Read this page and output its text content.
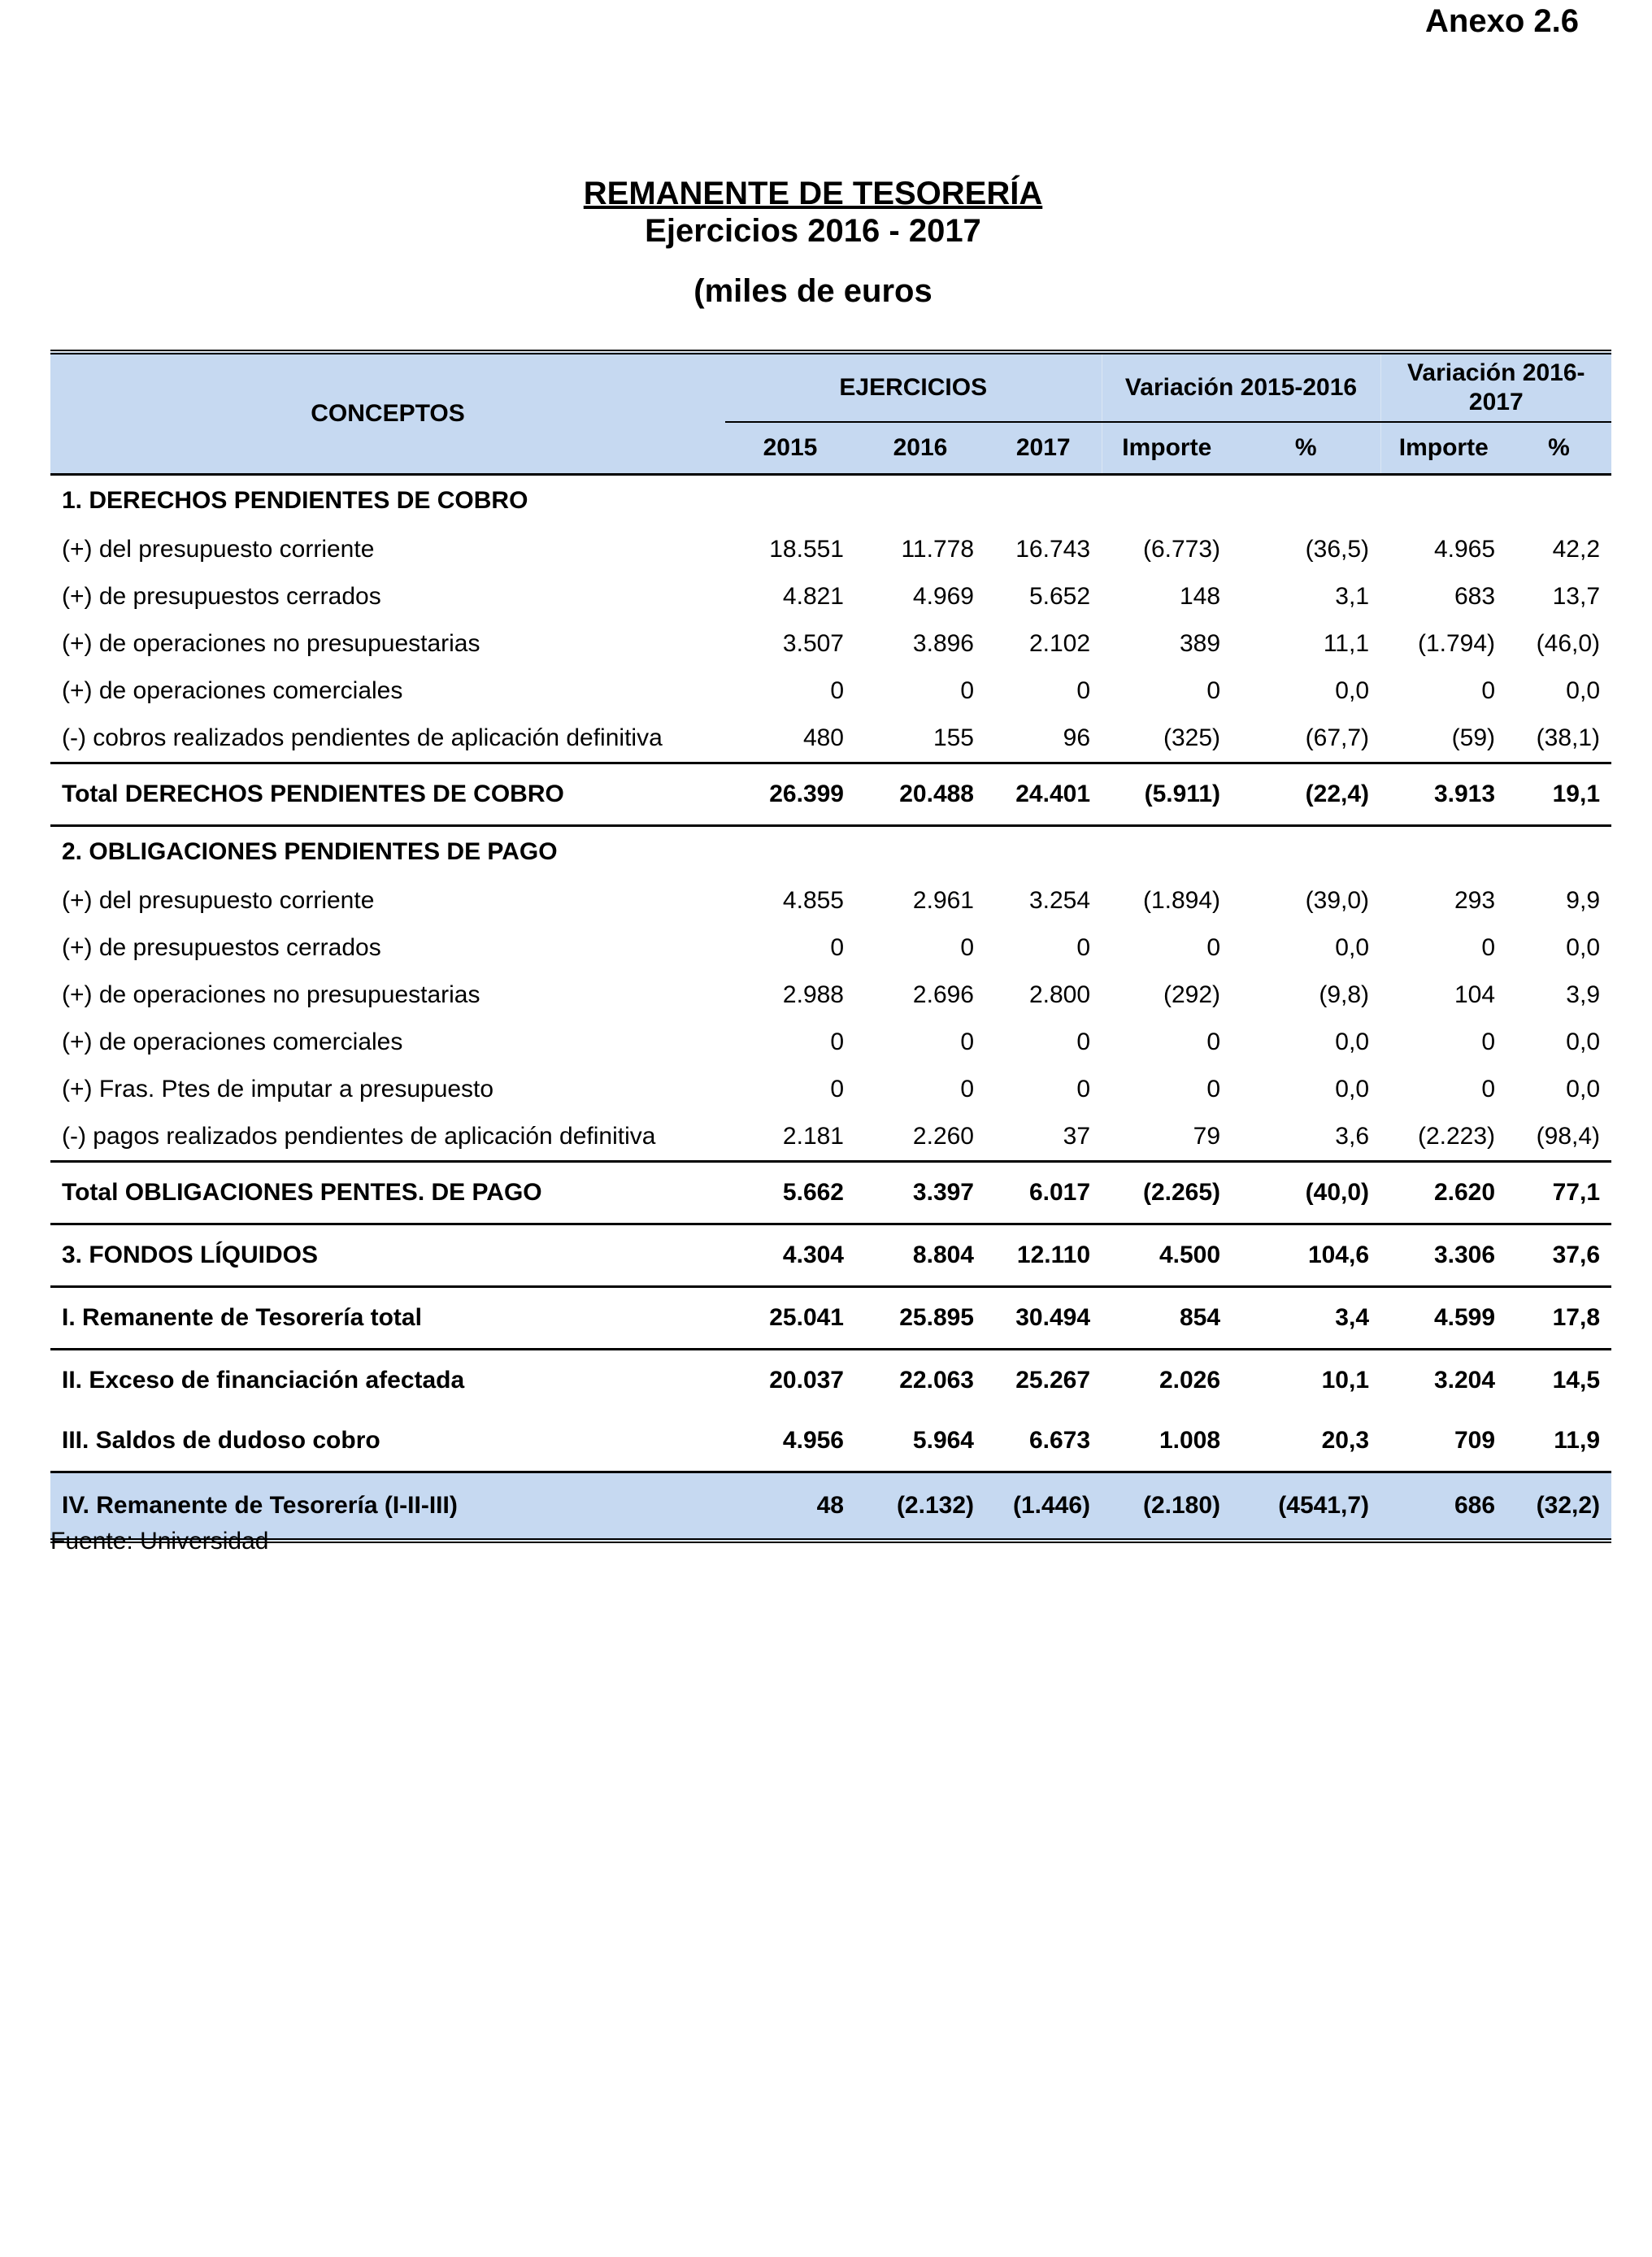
Anexo 2.6
REMANENTE DE TESORERÍA
Ejercicios 2016 - 2017
(miles de euros
CONCEPTOS	EJERCICIOS			Variación 2015-2016		Variación 2016-2017	
	2015	2016	2017	Importe	%	Importe	%
1. DERECHOS PENDIENTES DE COBRO							
(+) del presupuesto corriente	18.551	11.778	16.743	(6.773)	(36,5)	4.965	42,2
(+) de presupuestos cerrados	4.821	4.969	5.652	148	3,1	683	13,7
(+) de operaciones no presupuestarias	3.507	3.896	2.102	389	11,1	(1.794)	(46,0)
(+) de operaciones comerciales	0	0	0	0	0,0	0	0,0
(-) cobros realizados pendientes de aplicación definitiva	480	155	96	(325)	(67,7)	(59)	(38,1)
Total DERECHOS PENDIENTES DE COBRO	26.399	20.488	24.401	(5.911)	(22,4)	3.913	19,1
2. OBLIGACIONES PENDIENTES DE PAGO							
(+) del presupuesto corriente	4.855	2.961	3.254	(1.894)	(39,0)	293	9,9
(+) de presupuestos cerrados	0	0	0	0	0,0	0	0,0
(+) de operaciones no presupuestarias	2.988	2.696	2.800	(292)	(9,8)	104	3,9
(+) de operaciones comerciales	0	0	0	0	0,0	0	0,0
(+) Fras. Ptes de imputar a presupuesto	0	0	0	0	0,0	0	0,0
(-) pagos realizados pendientes de aplicación definitiva	2.181	2.260	37	79	3,6	(2.223)	(98,4)
Total OBLIGACIONES PENTES. DE PAGO	5.662	3.397	6.017	(2.265)	(40,0)	2.620	77,1
3. FONDOS LÍQUIDOS	4.304	8.804	12.110	4.500	104,6	3.306	37,6
I. Remanente de Tesorería total	25.041	25.895	30.494	854	3,4	4.599	17,8
II. Exceso de financiación afectada	20.037	22.063	25.267	2.026	10,1	3.204	14,5
III. Saldos de dudoso cobro	4.956	5.964	6.673	1.008	20,3	709	11,9
IV. Remanente de Tesorería (I-II-III)	48	(2.132)	(1.446)	(2.180)	(4541,7)	686	(32,2)
Fuente: Universidad
